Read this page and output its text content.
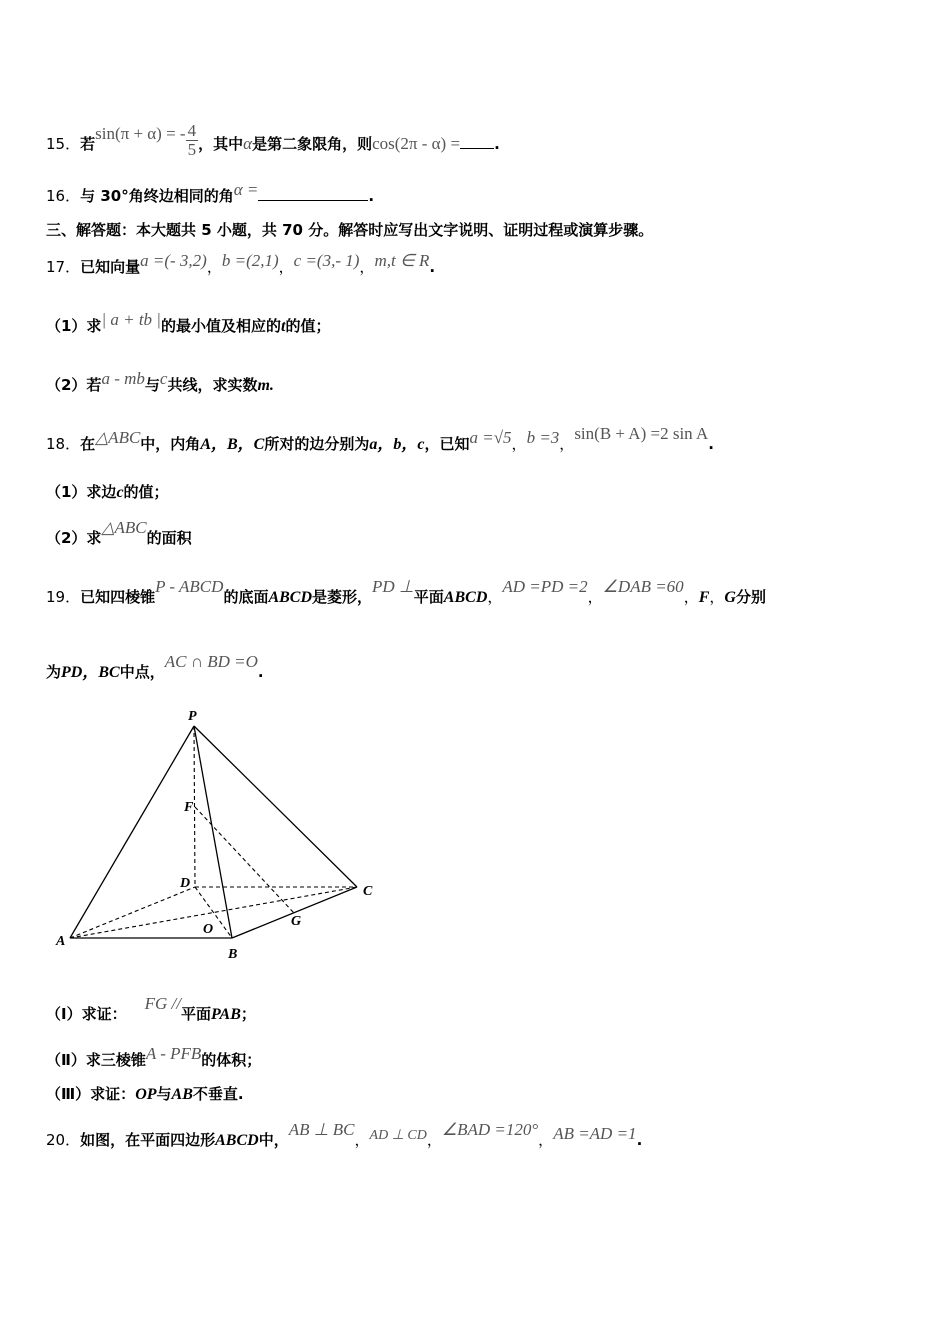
15．若sin(π + α) = - $\frac{4}{5}$ ，其中α是第二象限角，则cos(2π - α) = .
16．与 30°角终边相同的角α =	.
三、解答题：本大题共 5 小题，共 70 分。解答时应写出文字说明、证明过程或演算步骤。
17．已知向量a =(- 3,2)，b =(2,1)，c =(3,- 1)，m,t ∈ R.
（1）求| a + tb |的最小值及相应的t的值；
（2）若a - mb与c共线，求实数m.
18．在△ABC中，内角A，B，C所对的边分别为a，b，c，已知a =√5，b =3，sin(B + A) =2 sin A.
（1）求边c的值；
（2）求△ABC的面积
19．已知四棱锥P - ABCD的底面ABCD是菱形，PD ⊥平面ABCD，AD =PD =2，∠DAB =60，F，G分别
为PD，BC中点，AC ∩ BD =O.
P
F
D
C
G
O
A
B
（Ⅰ）求证：FG //平面PAB；
（Ⅱ）求三棱锥A - PFB的体积；
（Ⅲ）求证：OP与AB不垂直.
20．如图，在平面四边形ABCD中，AB ⊥ BC，AD ⊥ CD，∠BAD =120°，AB =AD =1.
